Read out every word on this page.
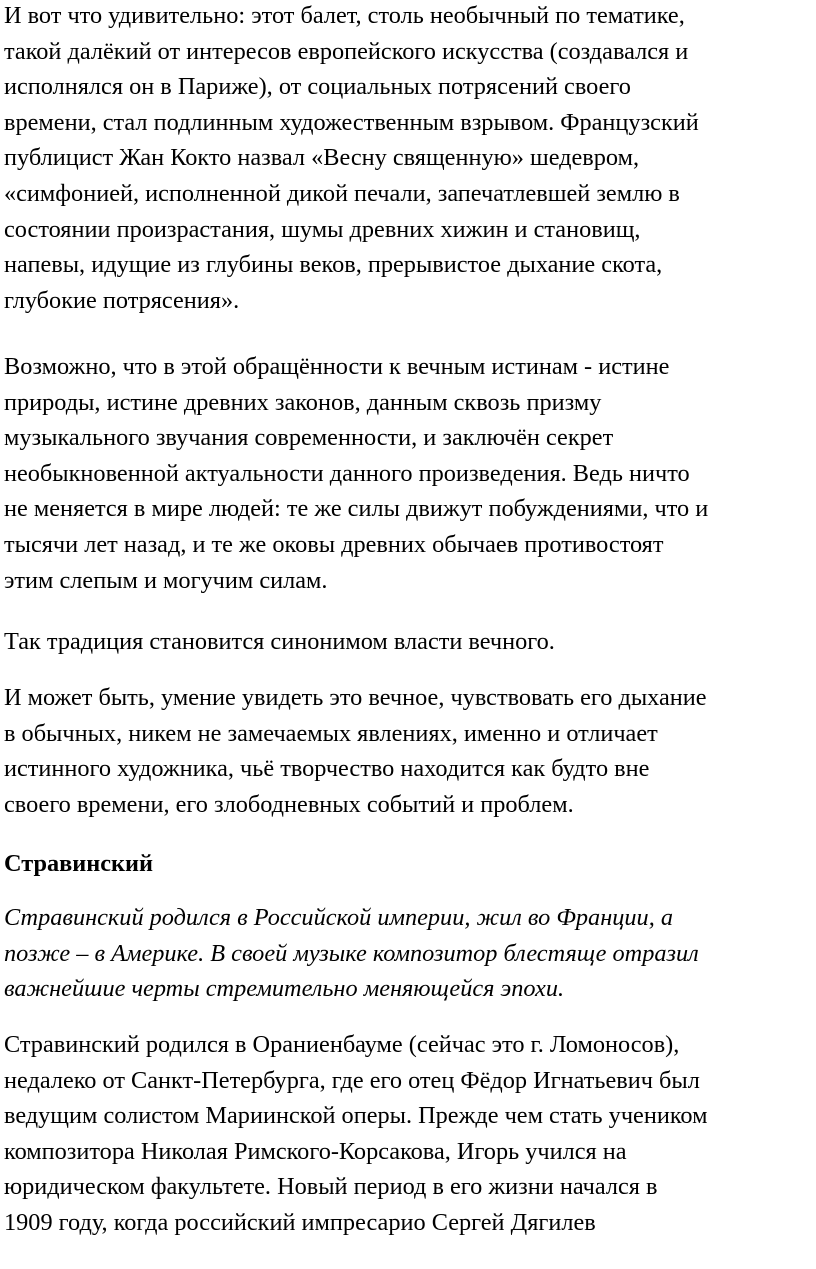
И вот что удивительно: этот балет, столь необычный по тематике,
такой далёкий от интересов европейского искусства (создавался и
исполнялся он в Париже), от социальных потрясений своего
времени, стал подлинным художественным взрывом. Французский
публицист Жан Кокто назвал «Весну священную» шедевром,
«симфонией, исполненной дикой печали, запечатлевшей землю в
состоянии произрастания, шумы древних хижин и становищ,
напевы, идущие из глубины веков, прерывистое дыхание скота,
глубокие потрясения».

Возможно, что в этой обращённости к вечным истинам - истине
природы, истине древних законов, данным сквозь призму
музыкального звучания современности, и заключён секрет
необыкновенной актуальности данного произведения. Ведь ничто
не меняется в мире людей: те же силы движут побуждениями, что и
тысячи лет назад, и те же оковы древних обычаев противостоят
этим слепым и могучим силам.

Так традиция становится синонимом власти вечного.

И может быть, умение увидеть это вечное, чувствовать его дыхание
в обычных, никем не замечаемых явлениях, именно и отличает
истинного художника, чьё творчество находится как будто вне
своего времени, его злободневных событий и проблем.

Стравинский

Стравинский родился в Российской империи, жил во Франции, а
позже – в Америке. В своей музыке композитор блестяще отразил
важнейшие черты стремительно меняющейся эпохи.

Стравинский родился в Ораниенбауме (сейчас это г. Ломоносов),
недалеко от Санкт-Петербурга, где его отец Фёдор Игнатьевич был
ведущим солистом Мариинской оперы. Прежде чем стать учеником
композитора Николая Римского-Корсакова, Игорь учился на
юридическом факультете. Новый период в его жизни начался в
1909 году, когда российский импресарио Сергей Дягилев
